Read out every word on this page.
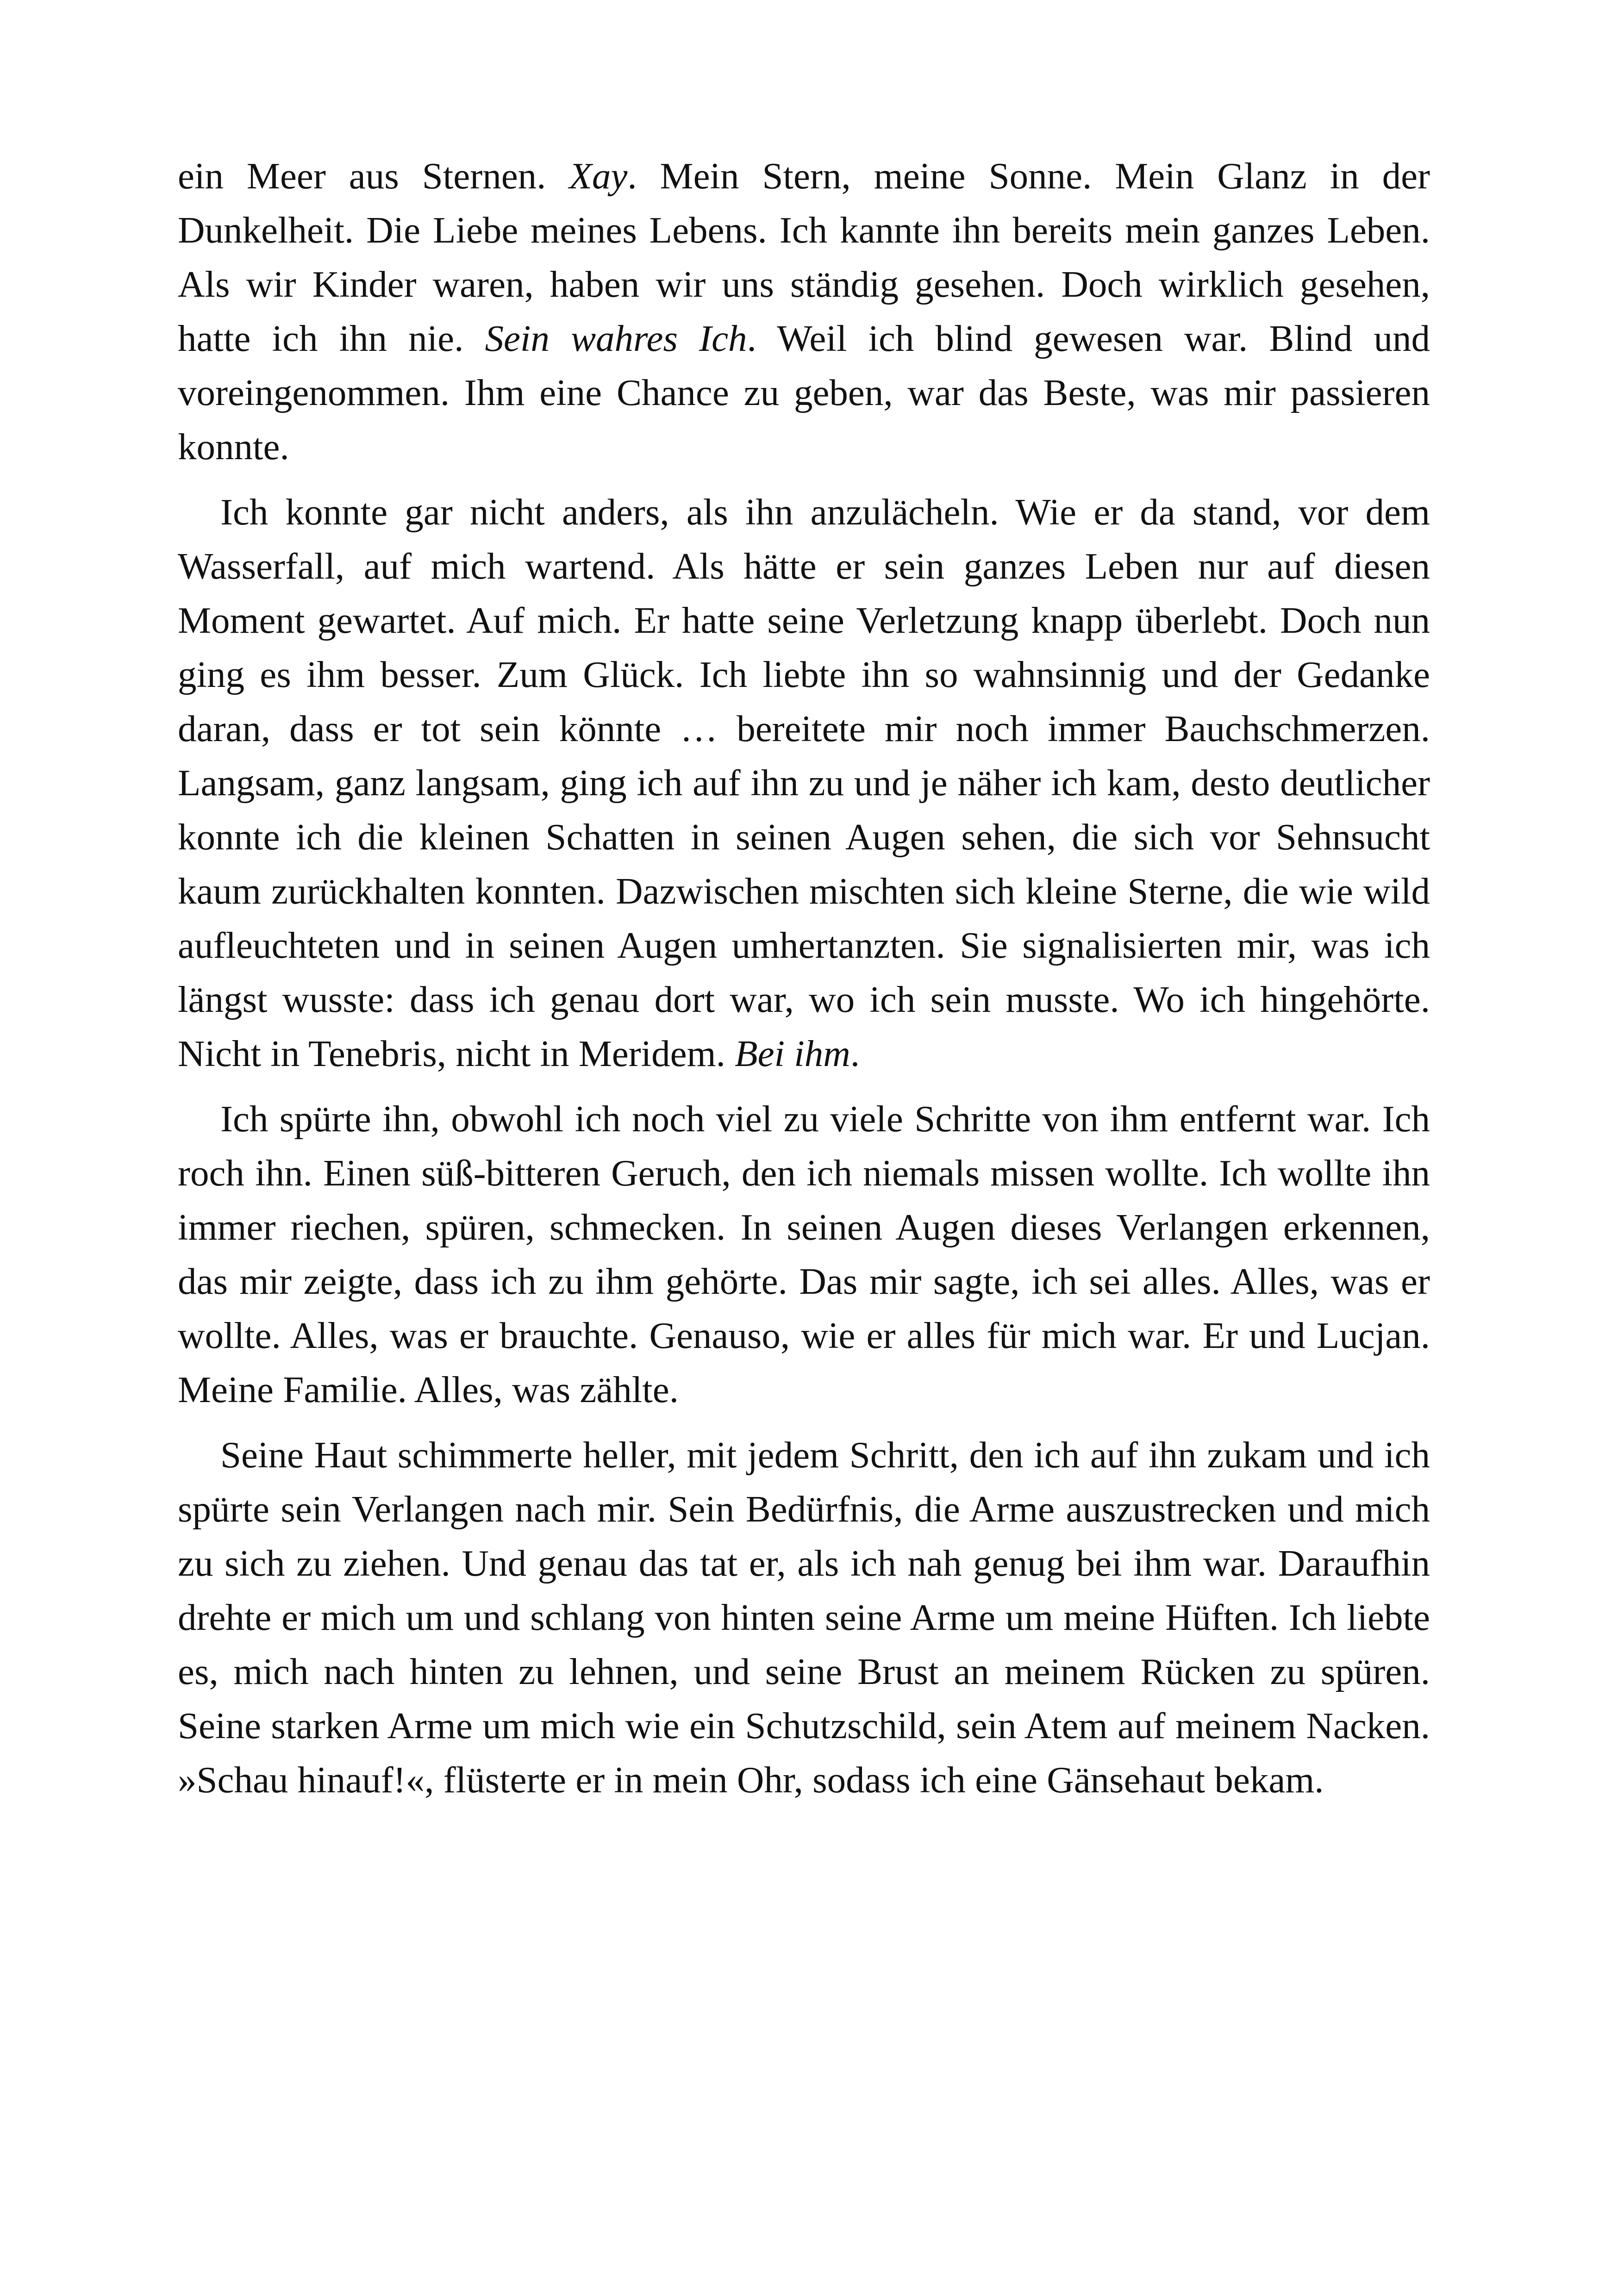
ein Meer aus Sternen. Xay. Mein Stern, meine Sonne. Mein Glanz in der Dunkelheit. Die Liebe meines Lebens. Ich kannte ihn bereits mein ganzes Leben. Als wir Kinder waren, haben wir uns ständig gesehen. Doch wirklich gesehen, hatte ich ihn nie. Sein wahres Ich. Weil ich blind gewesen war. Blind und voreingenommen. Ihm eine Chance zu geben, war das Beste, was mir passieren konnte.

Ich konnte gar nicht anders, als ihn anzulächeln. Wie er da stand, vor dem Wasserfall, auf mich wartend. Als hätte er sein ganzes Leben nur auf diesen Moment gewartet. Auf mich. Er hatte seine Verletzung knapp überlebt. Doch nun ging es ihm besser. Zum Glück. Ich liebte ihn so wahnsinnig und der Gedanke daran, dass er tot sein könnte … bereitete mir noch immer Bauchschmerzen. Langsam, ganz langsam, ging ich auf ihn zu und je näher ich kam, desto deutlicher konnte ich die kleinen Schatten in seinen Augen sehen, die sich vor Sehnsucht kaum zurückhalten konnten. Dazwischen mischten sich kleine Sterne, die wie wild aufleuchteten und in seinen Augen umhertanzten. Sie signalisierten mir, was ich längst wusste: dass ich genau dort war, wo ich sein musste. Wo ich hingehörte. Nicht in Tenebris, nicht in Meridem. Bei ihm.

Ich spürte ihn, obwohl ich noch viel zu viele Schritte von ihm entfernt war. Ich roch ihn. Einen süß-bitteren Geruch, den ich niemals missen wollte. Ich wollte ihn immer riechen, spüren, schmecken. In seinen Augen dieses Verlangen erkennen, das mir zeigte, dass ich zu ihm gehörte. Das mir sagte, ich sei alles. Alles, was er wollte. Alles, was er brauchte. Genauso, wie er alles für mich war. Er und Lucjan. Meine Familie. Alles, was zählte.

Seine Haut schimmerte heller, mit jedem Schritt, den ich auf ihn zukam und ich spürte sein Verlangen nach mir. Sein Bedürfnis, die Arme auszustrecken und mich zu sich zu ziehen. Und genau das tat er, als ich nah genug bei ihm war. Daraufhin drehte er mich um und schlang von hinten seine Arme um meine Hüften. Ich liebte es, mich nach hinten zu lehnen, und seine Brust an meinem Rücken zu spüren. Seine starken Arme um mich wie ein Schutzschild, sein Atem auf meinem Nacken. »Schau hinauf!«, flüsterte er in mein Ohr, sodass ich eine Gänsehaut bekam.
